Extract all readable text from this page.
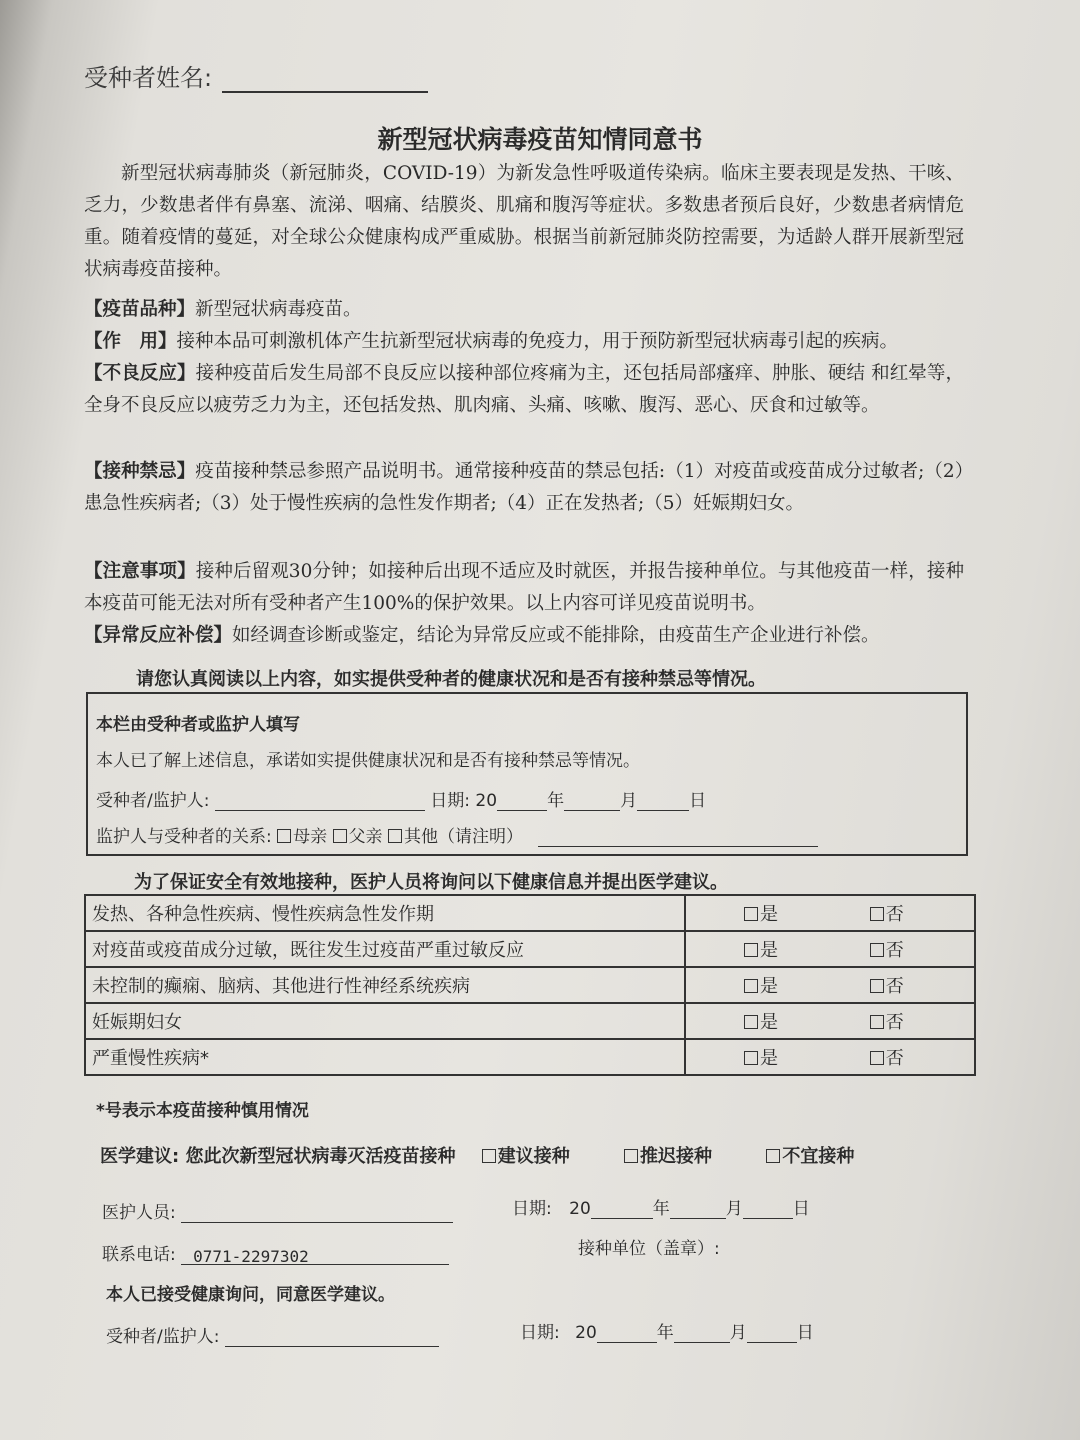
受种者姓名:
新型冠状病毒疫苗知情同意书
新型冠状病毒肺炎（新冠肺炎，COVID-19）为新发急性呼吸道传染病。临床主要表现是发热、干咳、乏力，少数患者伴有鼻塞、流涕、咽痛、结膜炎、肌痛和腹泻等症状。多数患者预后良好，少数患者病情危重。随着疫情的蔓延，对全球公众健康构成严重威胁。根据当前新冠肺炎防控需要，为适龄人群开展新型冠状病毒疫苗接种。
【疫苗品种】新型冠状病毒疫苗。
【作　用】接种本品可刺激机体产生抗新型冠状病毒的免疫力，用于预防新型冠状病毒引起的疾病。
【不良反应】接种疫苗后发生局部不良反应以接种部位疼痛为主，还包括局部瘙痒、肿胀、硬结 和红晕等，全身不良反应以疲劳乏力为主，还包括发热、肌肉痛、头痛、咳嗽、腹泻、恶心、厌食和过敏等。
【接种禁忌】疫苗接种禁忌参照产品说明书。通常接种疫苗的禁忌包括:（1）对疫苗或疫苗成分过敏者;（2）患急性疾病者;（3）处于慢性疾病的急性发作期者;（4）正在发热者;（5）妊娠期妇女。
【注意事项】接种后留观30分钟；如接种后出现不适应及时就医，并报告接种单位。与其他疫苗一样，接种本疫苗可能无法对所有受种者产生100%的保护效果。以上内容可详见疫苗说明书。
【异常反应补偿】如经调查诊断或鉴定，结论为异常反应或不能排除，由疫苗生产企业进行补偿。
请您认真阅读以上内容，如实提供受种者的健康状况和是否有接种禁忌等情况。
本栏由受种者或监护人填写
本人已了解上述信息，承诺如实提供健康状况和是否有接种禁忌等情况。
受种者/监护人:	日期: 20	年	月	日
监护人与受种者的关系: 母亲 父亲 其他（请注明）
为了保证安全有效地接种，医护人员将询问以下健康信息并提出医学建议。
发热、各种急性疾病、慢性疾病急性发作期	是 否
对疫苗或疫苗成分过敏，既往发生过疫苗严重过敏反应	是 否
未控制的癫痫、脑病、其他进行性神经系统疾病	是 否
妊娠期妇女	是 否
严重慢性疾病*	是 否
*号表示本疫苗接种慎用情况
医学建议: 您此次新型冠状病毒灭活疫苗接种 建议接种	推迟接种	不宜接种
医护人员:	日期: 20	年	月	日
联系电话: 0771-2297302	接种单位（盖章）:
本人已接受健康询问，同意医学建议。
受种者/监护人:	日期: 20	年	月	日
